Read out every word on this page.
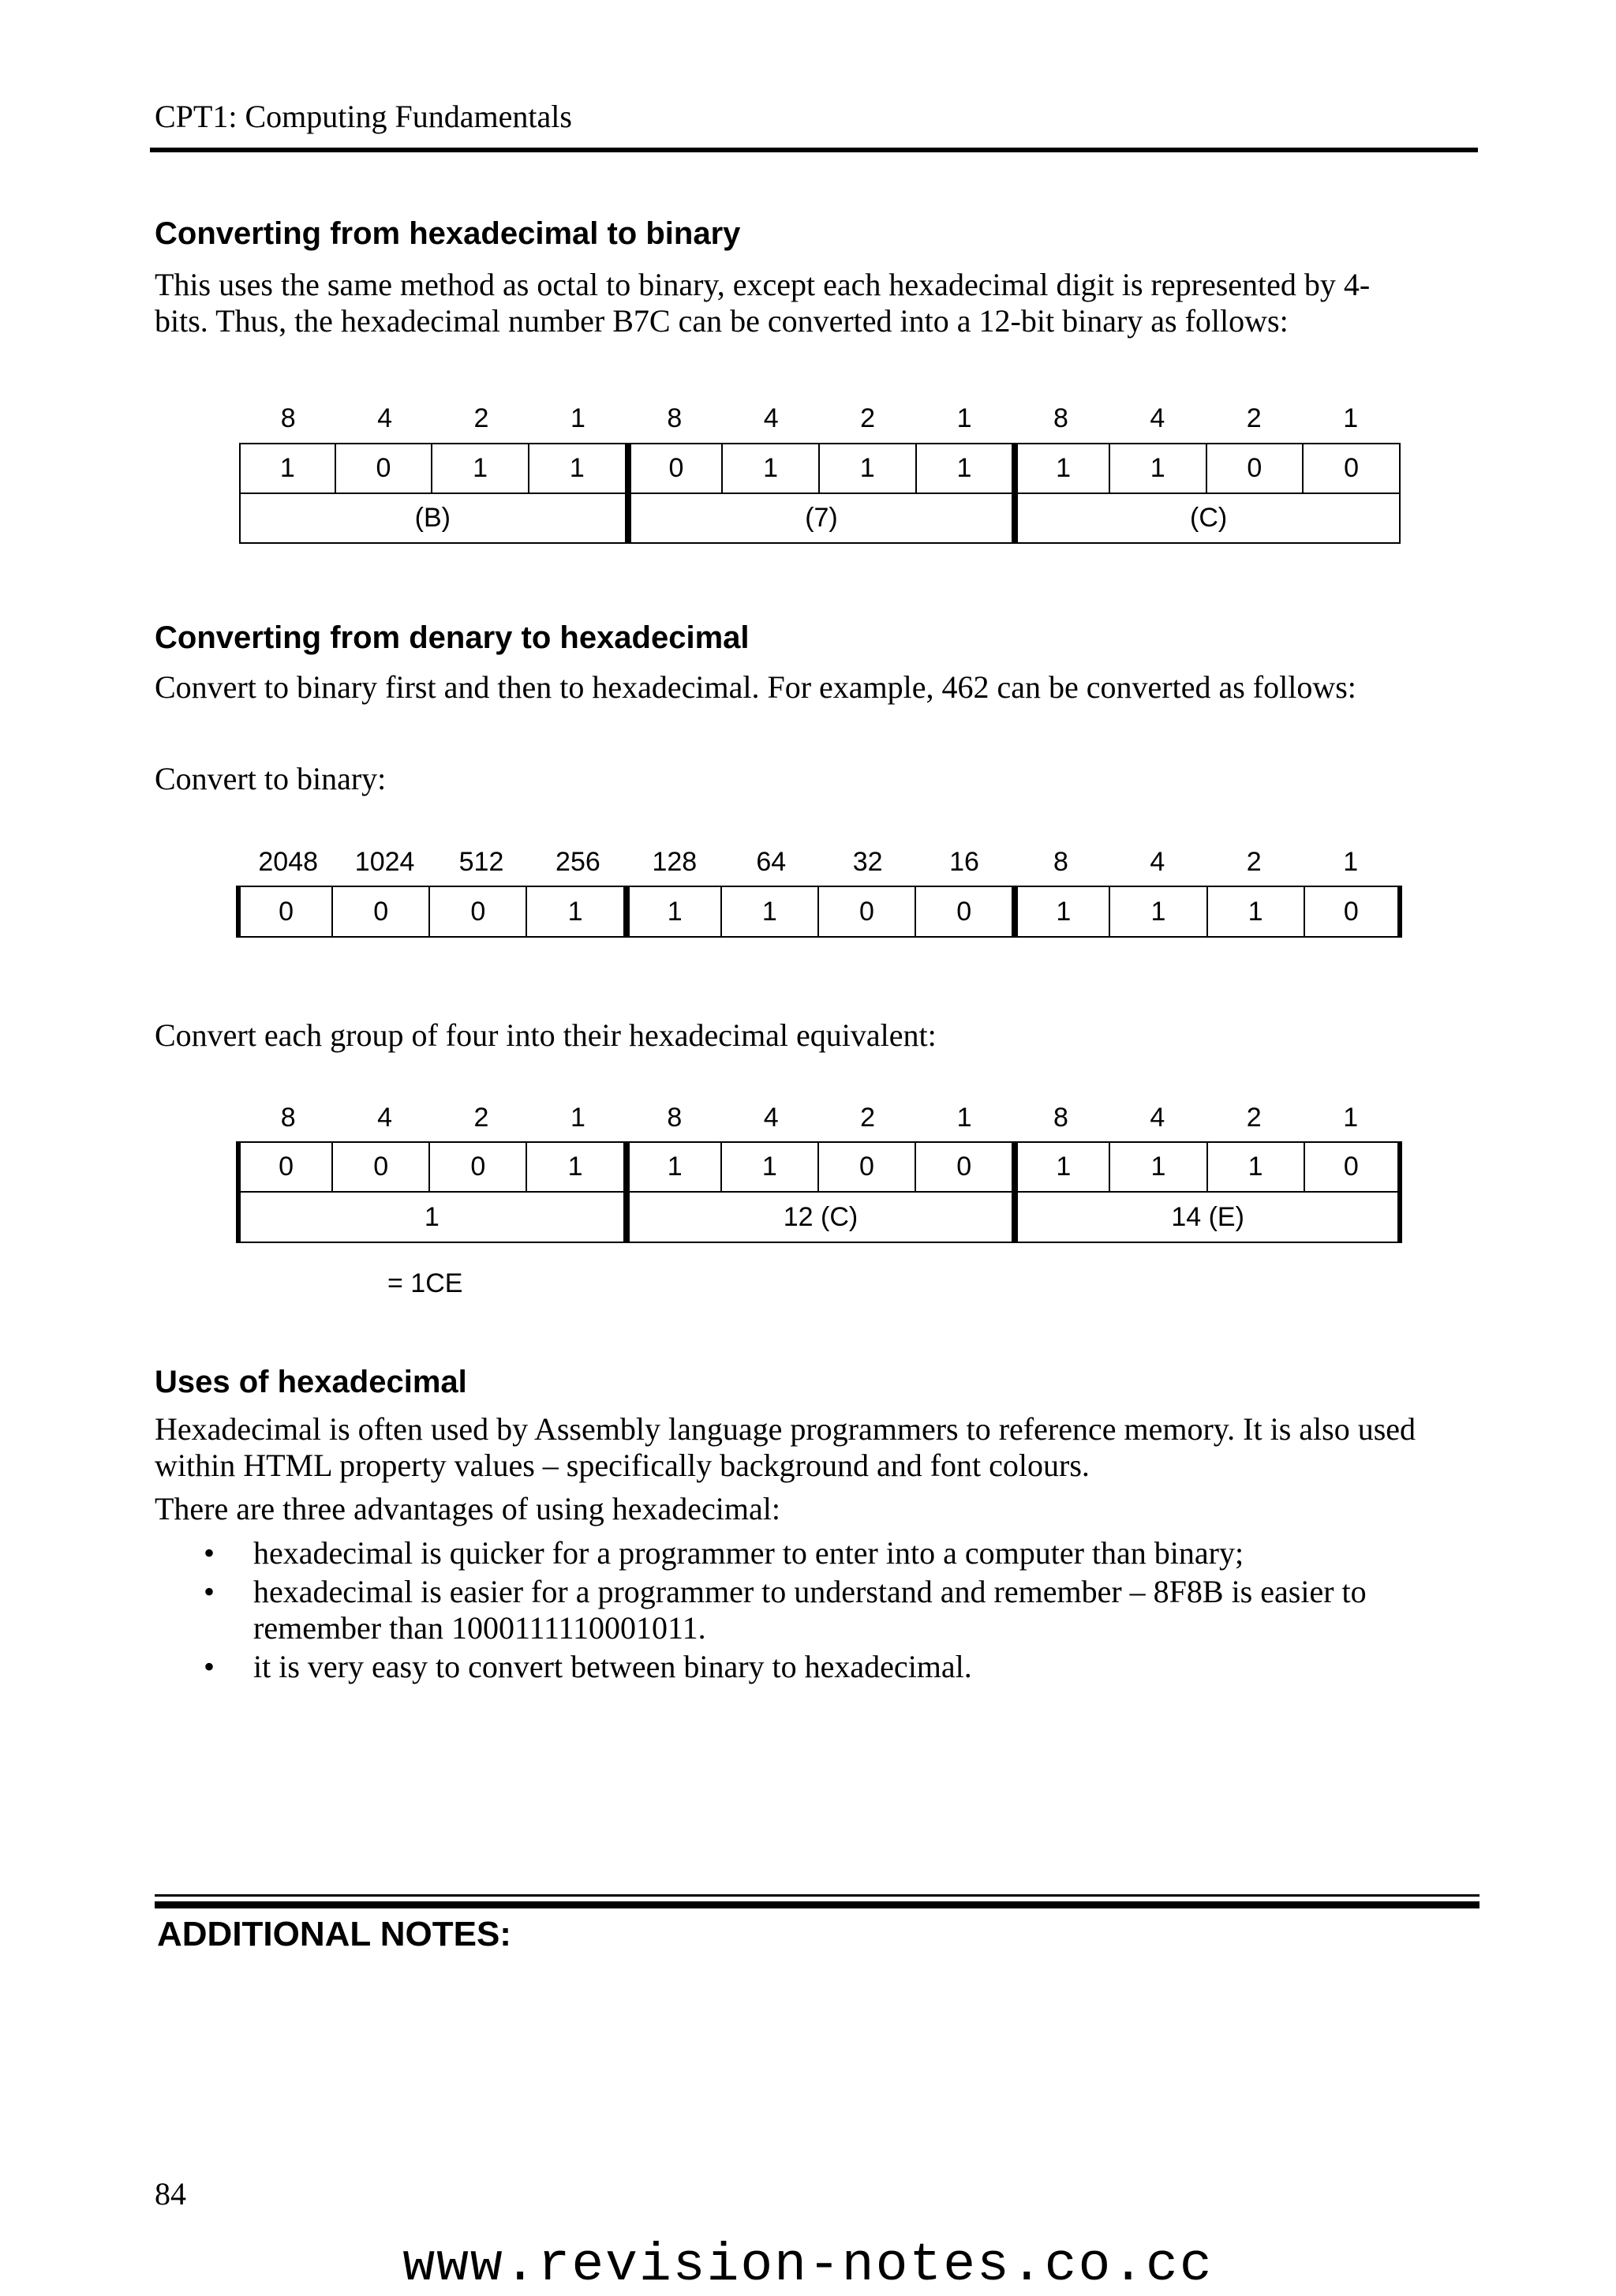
CPT1: Computing Fundamentals
Converting from hexadecimal to binary

This uses the same method as octal to binary, except each hexadecimal digit is represented by 4-

bits. Thus, the hexadecimal number B7C can be converted into a 12-bit binary as follows:

8	4	2	1	8	4	2	1	8	4	2	1
1	0	1	1	0	1	1	1	1	1	0	0
(B)	(7)	(C)
Converting from denary to hexadecimal

Convert to binary first and then to hexadecimal. For example, 462 can be converted as follows:

Convert to binary:

2048	1024	512	256	128	64	32	16	8	4	2	1
0	0	0	1	1	1	0	0	1	1	1	0

Convert each group of four into their hexadecimal equivalent:

8	4	2	1	8	4	2	1	8	4	2	1
0	0	0	1	1	1	0	0	1	1	1	0
1	12 (C)	14 (E)
= 1CE
Uses of hexadecimal

Hexadecimal is often used by Assembly language programmers to reference memory. It is also used

within HTML property values – specifically background and font colours.

There are three advantages of using hexadecimal:

• hexadecimal is quicker for a programmer to enter into a computer than binary;
• hexadecimal is easier for a programmer to understand and remember – 8F8B is easier to
remember than 1000111110001011.
• it is very easy to convert between binary to hexadecimal.
ADDITIONAL NOTES:
84
www.revision-notes.co.cc
